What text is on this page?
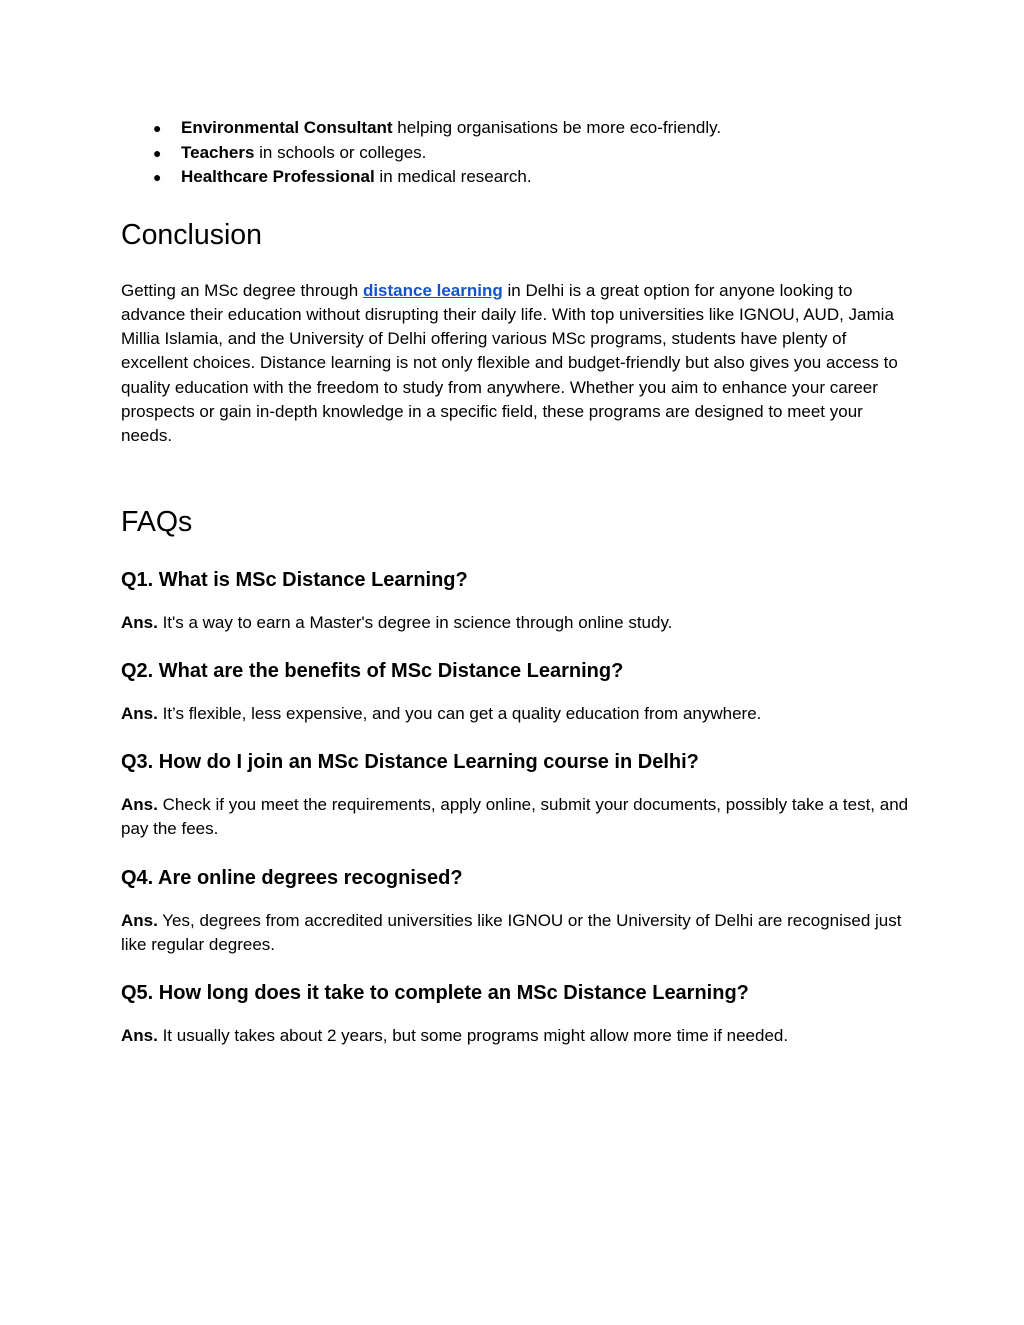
● Environmental Consultant helping organisations be more eco-friendly.
● Teachers in schools or colleges.
● Healthcare Professional in medical research.
Conclusion

Getting an MSc degree through distance learning in Delhi is a great option for anyone looking to advance their education without disrupting their daily life. With top universities like IGNOU, AUD, Jamia Millia Islamia, and the University of Delhi offering various MSc programs, students have plenty of excellent choices. Distance learning is not only flexible and budget-friendly but also gives you access to quality education with the freedom to study from anywhere. Whether you aim to enhance your career prospects or gain in-depth knowledge in a specific field, these programs are designed to meet your needs.

FAQs
Q1. What is MSc Distance Learning?

Ans. It's a way to earn a Master's degree in science through online study.

Q2. What are the benefits of MSc Distance Learning?

Ans. It’s flexible, less expensive, and you can get a quality education from anywhere.

Q3. How do I join an MSc Distance Learning course in Delhi?

Ans. Check if you meet the requirements, apply online, submit your documents, possibly take a test, and pay the fees.

Q4. Are online degrees recognised?

Ans. Yes, degrees from accredited universities like IGNOU or the University of Delhi are recognised just like regular degrees.

Q5. How long does it take to complete an MSc Distance Learning?

Ans. It usually takes about 2 years, but some programs might allow more time if needed.
